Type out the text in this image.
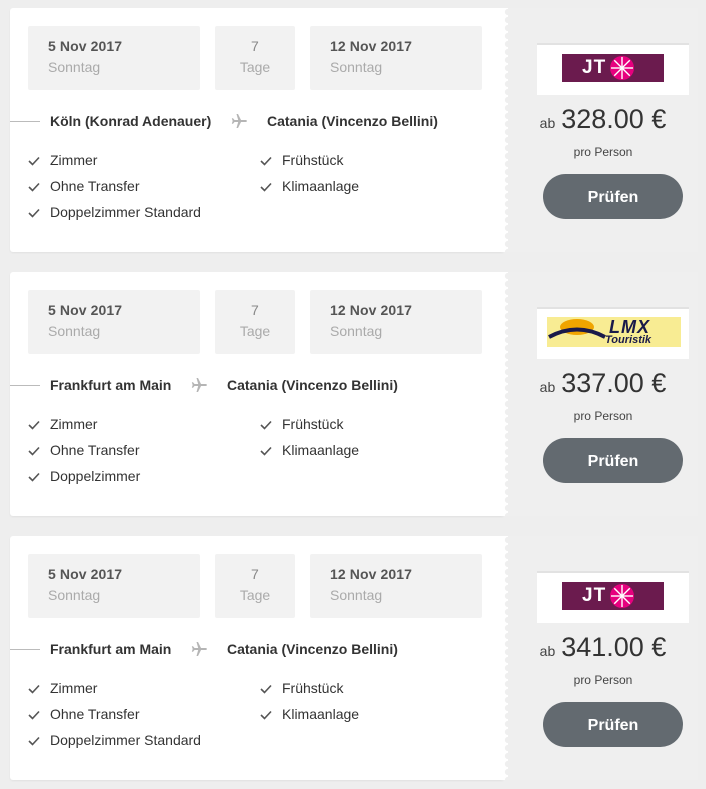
5 Nov 2017
Sonntag
7
Tage
12 Nov 2017
Sonntag
Köln (Konrad Adenauer)	Catania (Vincenzo Bellini)
Zimmer
Ohne Transfer
Doppelzimmer Standard
Frühstück
Klimaanlage
JT
ab 328.00 €
pro Person
Prüfen
5 Nov 2017
Sonntag
7
Tage
12 Nov 2017
Sonntag
Frankfurt am Main	Catania (Vincenzo Bellini)
Zimmer
Ohne Transfer
Doppelzimmer
Frühstück
Klimaanlage
LMX
Touristik
ab 337.00 €
pro Person
Prüfen
5 Nov 2017
Sonntag
7
Tage
12 Nov 2017
Sonntag
Frankfurt am Main	Catania (Vincenzo Bellini)
Zimmer
Ohne Transfer
Doppelzimmer Standard
Frühstück
Klimaanlage
JT
ab 341.00 €
pro Person
Prüfen
